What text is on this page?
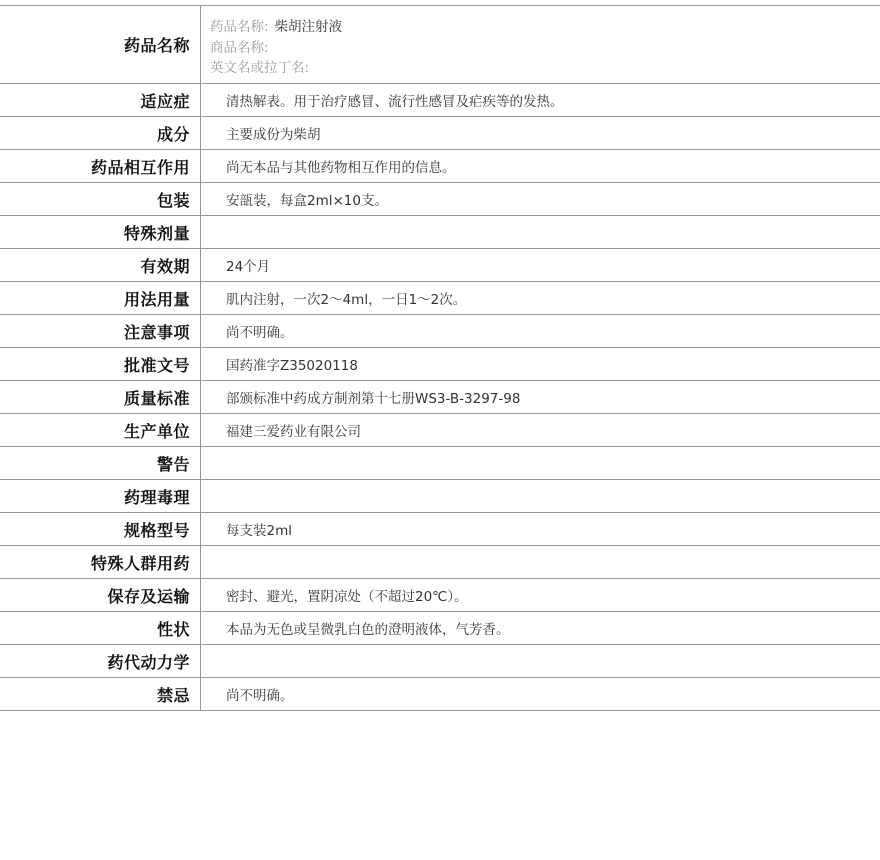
药品名称
药品名称: 柴胡注射液
商品名称:
英文名或拉丁名:
适应症	清热解表。用于治疗感冒、流行性感冒及疟疾等的发热。
成分	主要成份为柴胡
药品相互作用	尚无本品与其他药物相互作用的信息。
包装	安瓿装，每盒2ml×10支。
特殊剂量
有效期	24个月
用法用量	肌内注射，一次2～4ml，一日1～2次。
注意事项	尚不明确。
批准文号	国药准字Z35020118
质量标准	部颁标准中药成方制剂第十七册WS3-B-3297-98
生产单位	福建三爱药业有限公司
警告
药理毒理
规格型号	每支装2ml
特殊人群用药
保存及运输	密封、避光，置阴凉处（不超过20℃）。
性状	本品为无色或呈微乳白色的澄明液体，气芳香。
药代动力学
禁忌	尚不明确。
